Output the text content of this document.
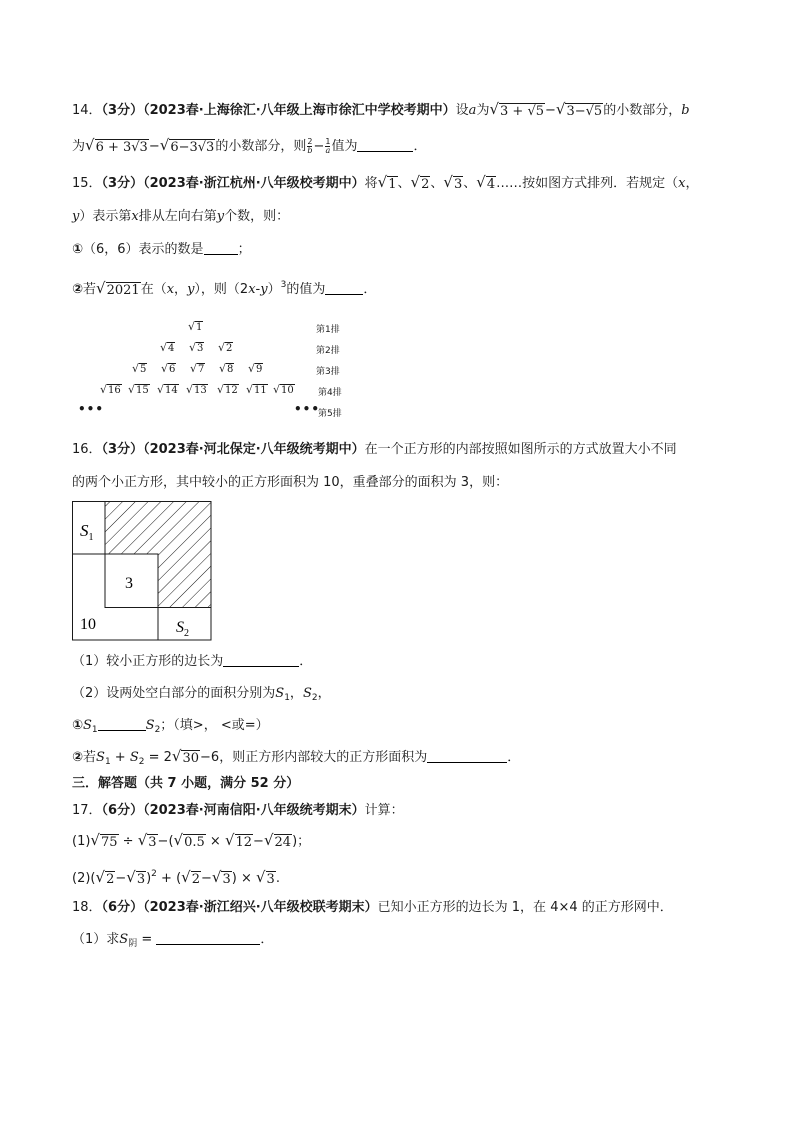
14．（3分）（2023春·上海徐汇·八年级上海市徐汇中学校考期中）设a为 √ 3 + √5 − √ 3−√5 的小数部分，b
为 √ 6 + 3√3 − √ 6−3√3 的小数部分，则 $\frac{2}{b} - \frac{1}{a}$ 值为	．
15．（3分）（2023春·浙江杭州·八年级校考期中）将 √ 1 、 √ 2 、 √ 3 、 √ 4 ……按如图方式排列．若规定（x，
y）表示第x排从左向右第y个数，则：
①（6，6）表示的数是	；
②若 √ 2021 在（x，y），则$(2x-y)^3$的值为	．
√1
√4 √3 √2
√5 √6 √7 √8 √9
√16 √15 √14 √13 √12 √11 √10
第1排
第2排
第3排
第4排
第5排
•••	•••
16．（3分）（2023春·河北保定·八年级统考期中）在一个正方形的内部按照如图所示的方式放置大小不同
的两个小正方形，其中较小的正方形面积为 10，重叠部分的面积为 3，则：
$S_1$
3
10	$S_2$
（1）较小正方形的边长为	．
（2）设两处空白部分的面积分别为$S_1$，$S_2$，
$①S_1$	$S_2$；（填>， <或=）
②若$S_1 + S_2 = 2$ √ 30 −6，则正方形内部较大的正方形面积为	．
三．解答题（共 7 小题，满分 52 分）
17．（6分）（2023春·河南信阳·八年级统考期末）计算：
(1) √ 75 ÷ √ 3 −( √ 0.5 × √ 12 − √ 24 )；
(2)( √ 2 − √ 3 )$^2$ + ( √ 2 − √ 3 ) × √ 3 .
18．（6分）（2023春·浙江绍兴·八年级校联考期末）已知小正方形的边长为 1，在 4×4 的正方形网中．
（1）求$S_阴$ =	．
